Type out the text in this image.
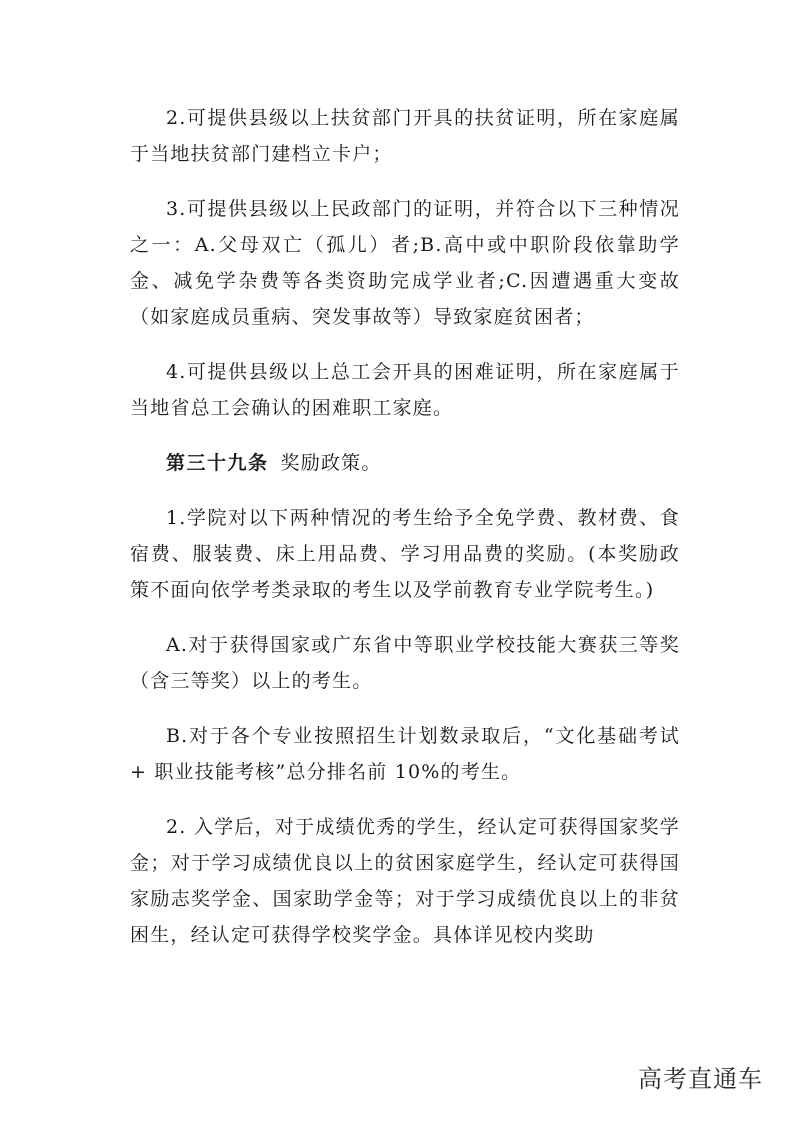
2.可提供县级以上扶贫部门开具的扶贫证明，所在家庭属于当地扶贫部门建档立卡户；

3.可提供县级以上民政部门的证明，并符合以下三种情况之一：A.父母双亡（孤儿）者;B.高中或中职阶段依靠助学金、减免学杂费等各类资助完成学业者;C.因遭遇重大变故（如家庭成员重病、突发事故等）导致家庭贫困者；

4.可提供县级以上总工会开具的困难证明，所在家庭属于当地省总工会确认的困难职工家庭。

第三十九条 奖励政策。

1.学院对以下两种情况的考生给予全免学费、教材费、食宿费、服装费、床上用品费、学习用品费的奖励。(本奖励政策不面向依学考类录取的考生以及学前教育专业学院考生。)

A.对于获得国家或广东省中等职业学校技能大赛获三等奖（含三等奖）以上的考生。

B.对于各个专业按照招生计划数录取后，“文化基础考试+ 职业技能考核”总分排名前 10%的考生。

2. 入学后，对于成绩优秀的学生，经认定可获得国家奖学金；对于学习成绩优良以上的贫困家庭学生，经认定可获得国家励志奖学金、国家助学金等；对于学习成绩优良以上的非贫困生，经认定可获得学校奖学金。具体详见校内奖助

高考直通车
